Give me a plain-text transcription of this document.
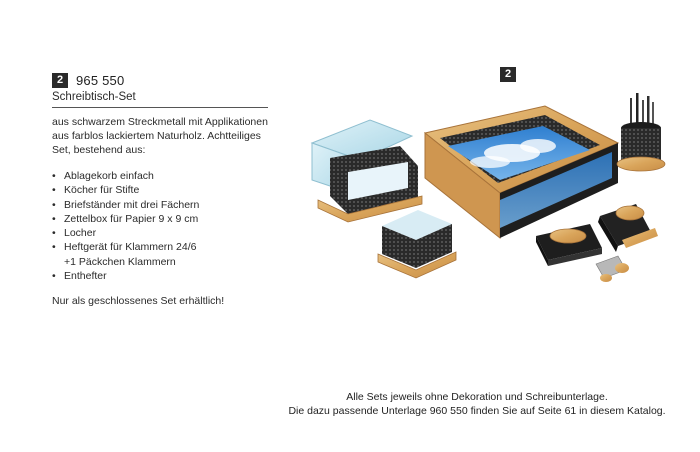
2 965 550
Schreibtisch-Set
aus schwarzem Streckmetall mit Applikationen aus farblos lackiertem Naturholz. Achtteiliges Set, bestehend aus:
• Ablagekorb einfach
• Köcher für Stifte
• Briefständer mit drei Fächern
• Zettelbox für Papier 9 x 9 cm
• Locher
• Heftgerät für Klammern 24/6
+1 Päckchen Klammern
• Enthefter
Nur als geschlossenes Set erhältlich!
2
Alle Sets jeweils ohne Dekoration und Schreibunterlage.
Die dazu passende Unterlage 960 550 finden Sie auf Seite 61 in diesem Katalog.
